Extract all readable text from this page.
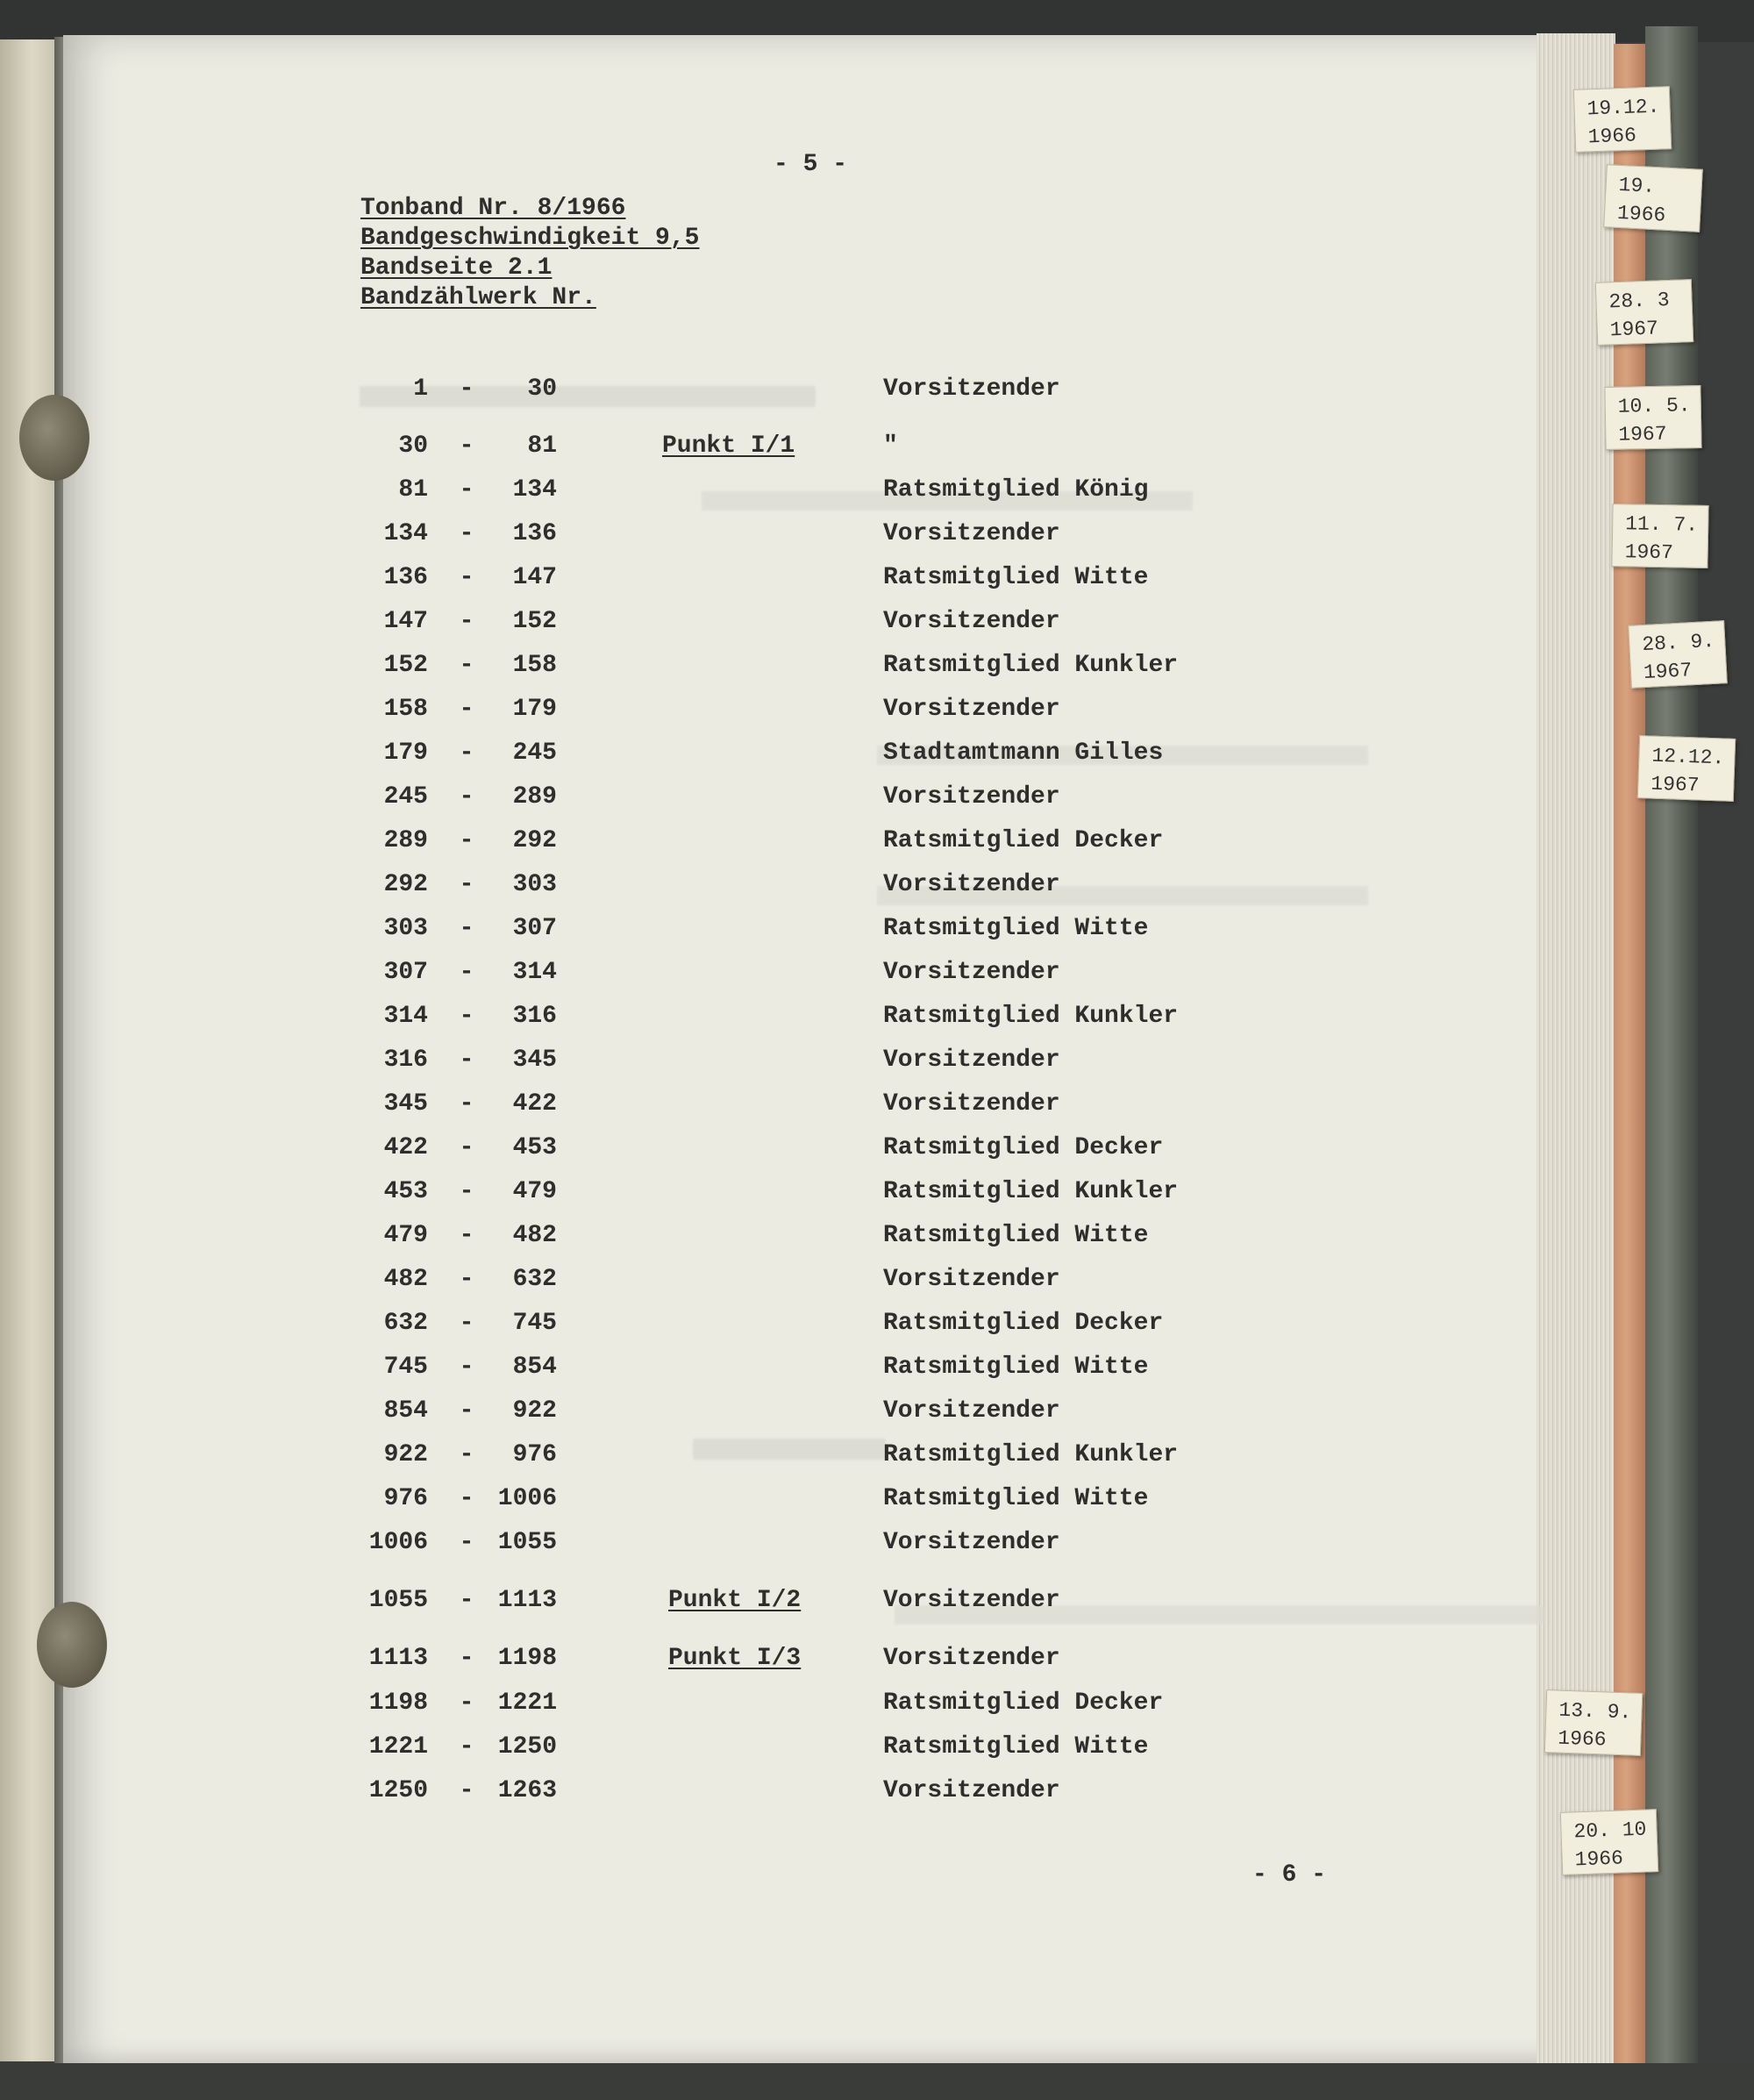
- 5 -
Tonband Nr. 8/1966
Bandgeschwindigkeit 9,5
Bandseite 2.1
Bandzählwerk Nr.
1 -	30	Vorsitzender
30 -	81	Punkt I/1	"
81 -	134	Ratsmitglied König
134 -	136	Vorsitzender
136 -	147	Ratsmitglied Witte
147 -	152	Vorsitzender
152 -	158	Ratsmitglied Kunkler
158 -	179	Vorsitzender
179 -	245	Stadtamtmann Gilles
245 -	289	Vorsitzender
289 -	292	Ratsmitglied Decker
292 -	303	Vorsitzender
303 -	307	Ratsmitglied Witte
307 -	314	Vorsitzender
314 -	316	Ratsmitglied Kunkler
316 -	345	Vorsitzender
345 -	422	Vorsitzender
422 -	453	Ratsmitglied Decker
453 -	479	Ratsmitglied Kunkler
479 -	482	Ratsmitglied Witte
482 -	632	Vorsitzender
632 -	745	Ratsmitglied Decker
745 -	854	Ratsmitglied Witte
854 -	922	Vorsitzender
922 -	976	Ratsmitglied Kunkler
976 - 1006	Ratsmitglied Witte
1006 - 1055	Vorsitzender
1055 - 1113	Punkt I/2	Vorsitzender
1113 - 1198	Punkt I/3	Vorsitzender
1198 - 1221	Ratsmitglied Decker
1221 - 1250	Ratsmitglied Witte
1250 - 1263	Vorsitzender
- 6 -
19.12.
1966
19.
1966
28. 3
1967
10. 5.
1967
11. 7.
1967
28. 9.
1967
12.12.
1967
13. 9.
1966
20. 10
1966
